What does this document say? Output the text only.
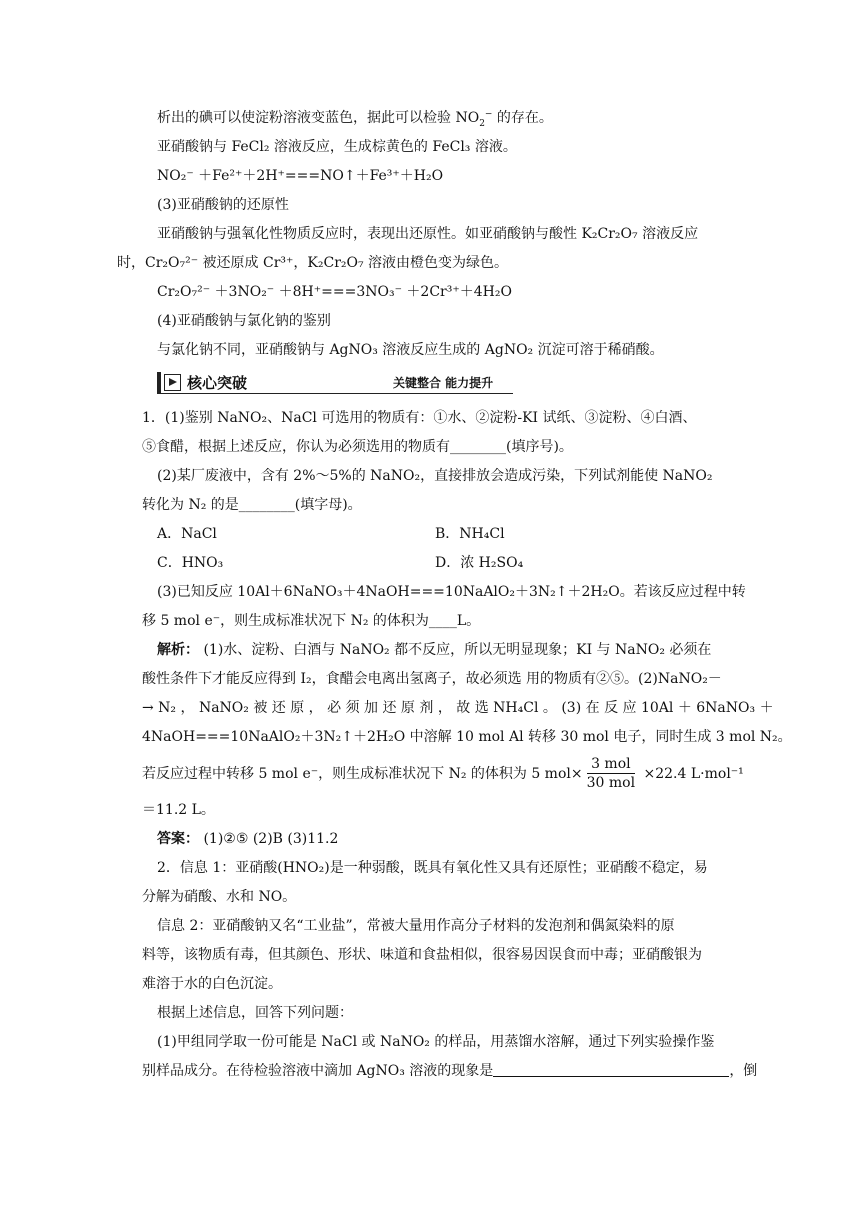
析出的碘可以使淀粉溶液变蓝色，据此可以检验 $NO_2^-$ 的存在。
亚硝酸钠与 FeCl₂ 溶液反应，生成棕黄色的 FeCl₃ 溶液。
NO₂⁻ ＋Fe²⁺＋2H⁺===NO↑＋Fe³⁺＋H₂O
(3)亚硝酸钠的还原性
亚硝酸钠与强氧化性物质反应时，表现出还原性。如亚硝酸钠与酸性 K₂Cr₂O₇ 溶液反应
时，Cr₂O₇²⁻ 被还原成 Cr³⁺，K₂Cr₂O₇ 溶液由橙色变为绿色。
Cr₂O₇²⁻ ＋3NO₂⁻ ＋8H⁺===3NO₃⁻ ＋2Cr³⁺＋4H₂O
(4)亚硝酸钠与氯化钠的鉴别
与氯化钠不同，亚硝酸钠与 AgNO₃ 溶液反应生成的 AgNO₂ 沉淀可溶于稀硝酸。
核心突破	关键整合 能力提升
1．(1)鉴别 NaNO₂、NaCl 可选用的物质有：①水、②淀粉-KI 试纸、③淀粉、④白酒、
⑤食醋，根据上述反应，你认为必须选用的物质有________(填序号)。
(2)某厂废液中，含有 2%～5%的 NaNO₂，直接排放会造成污染，下列试剂能使 NaNO₂
转化为 N₂ 的是________(填字母)。
A．NaCl	B．NH₄Cl
C．HNO₃	D．浓 H₂SO₄
(3)已知反应 10Al＋6NaNO₃＋4NaOH===10NaAlO₂＋3N₂↑＋2H₂O。若该反应过程中转
移 5 mol e⁻，则生成标准状况下 N₂ 的体积为____L。
解析： (1)水、淀粉、白酒与 NaNO₂ 都不反应，所以无明显现象；KI 与 NaNO₂ 必须在
酸性条件下才能反应得到 I₂，食醋会电离出氢离子，故必须选 用的物质有②⑤。(2)NaNO₂－
→ N₂ ， NaNO₂ 被 还 原 ， 必 须 加 还 原 剂 ， 故 选 NH₄Cl 。 (3) 在 反 应 10Al ＋ 6NaNO₃ ＋
4NaOH===10NaAlO₂＋3N₂↑＋2H₂O 中溶解 10 mol Al 转移 30 mol 电子，同时生成 3 mol N₂。
若反应过程中转移 5 mol e⁻，则生成标准状况下 N₂ 的体积为 5 $mol\times \frac{\text{3 mol}}{\text{30 mol}} \times 22.4$ L·mol⁻¹
＝11.2 L。
答案： (1)②⑤ (2)B (3)11.2
2．信息 1：亚硝酸(HNO₂)是一种弱酸，既具有氧化性又具有还原性；亚硝酸不稳定，易
分解为硝酸、水和 NO。
信息 2：亚硝酸钠又名“工业盐”，常被大量用作高分子材料的发泡剂和偶氮染料的原
料等，该物质有毒，但其颜色、形状、味道和食盐相似，很容易因误食而中毒；亚硝酸银为
难溶于水的白色沉淀。
根据上述信息，回答下列问题：
(1)甲组同学取一份可能是 NaCl 或 NaNO₂ 的样品，用蒸馏水溶解，通过下列实验操作鉴
别样品成分。在待检验溶液中滴加 AgNO₃ 溶液的现象是	，倒
